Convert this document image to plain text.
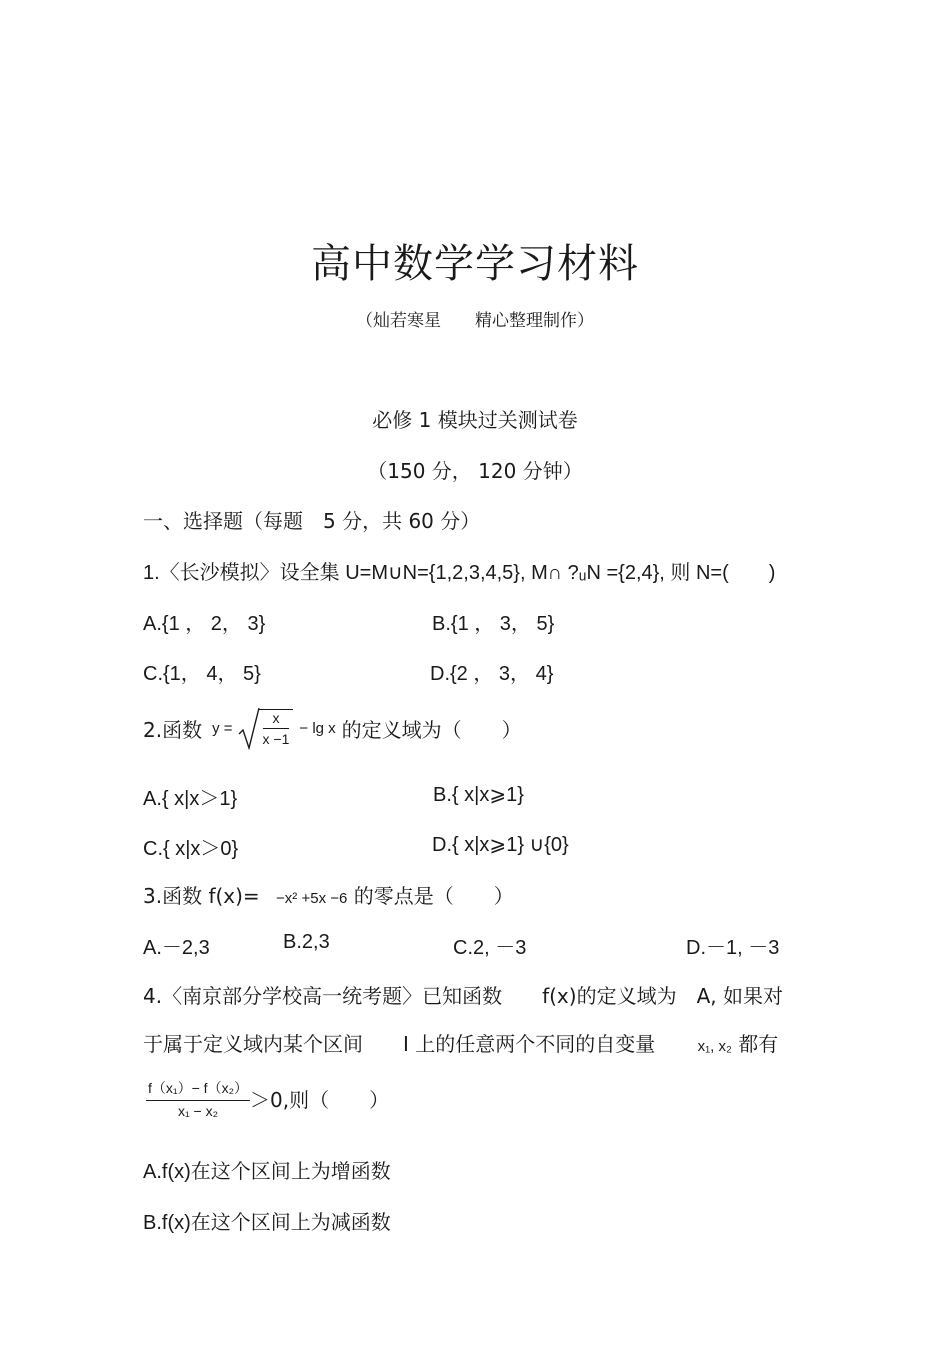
高中数学学习材料
（灿若寒星　　精心整理制作）
必修 1 模块过关测试卷
（150 分， 120 分钟）
一、选择题（每题　5 分，共 60 分）
1.〈长沙模拟〉设全集 U=M∪N={1,2,3,4,5}, M∩ ?ᵤN ={2,4}, 则 N=(　　)
A.{1 ， 2， 3}	B.{1 ， 3， 5}
C.{1， 4， 5}	D.{2 ， 3， 4}
2.函数 $y = \frac{x}{x -1} - \lg x$ 的定义域为（　　）
A.{ x|x＞1}	B.{ x|x⩾1}
C.{ x|x＞0}	D.{ x|x⩾1} ∪{0}
3.函数 f(x)= −x² +5x −6 的零点是（　　）
A.－2,3	B.2,3	C.2, －3	D.－1, －3
4.〈南京部分学校高一统考题〉已知函数　　f(x)的定义域为　A, 如果对
于属于定义域内某个区间　　I 上的任意两个不同的自变量	x₁, x₂ 都有
$\frac{\text{f（x₁）− f（x₂）}}{\text{x₁ − x₂}} >0$,则（　　）
A.f(x)在这个区间上为增函数
B.f(x)在这个区间上为减函数
